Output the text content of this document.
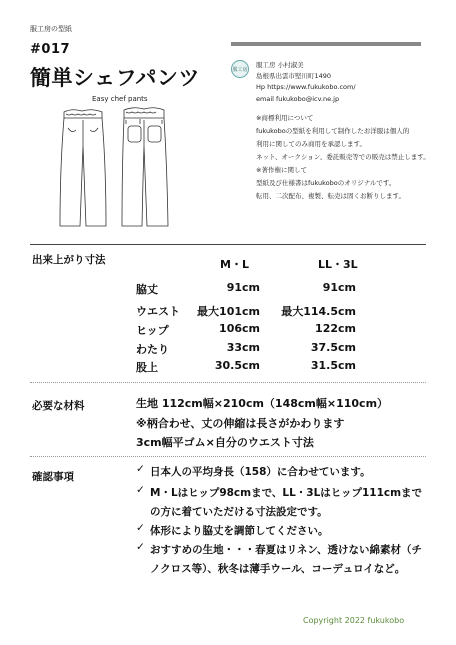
服工房の型紙
#017
簡単シェフパンツ
Easy chef pants
服工房
服工房 小村淑美
島根県出雲市堅川町1490
Hp https://www.fukukobo.com/
email fukukobo@icv.ne.jp
※商標利用について
fukukoboの型紙を利用して制作したお洋服は個人的
利用に関してのみ商用を承認します。
ネット、オークション、委託販売等での販売は禁止します。
※著作権に関して
型紙及び仕様書はfukukoboのオリジナルです。
転用、二次配布、複製、転売は固くお断りします。
出来上がり寸法	M・L	LL・3L
脇丈	91cm	91cm
ウエスト 最大101cm 最大114.5cm
ヒップ	106cm	122cm
わたり	33cm	37.5cm
股上	30.5cm	31.5cm
必要な材料	生地 112cm幅×210cm（148cm幅×110cm）
※柄合わせ、丈の伸縮は長さがかわります
3cm幅平ゴム×自分のウエスト寸法
確認事項
✓ 日本人の平均身長（158）に合わせています。
✓ M・Lはヒップ98cmまで、LL・3Lはヒップ111cmまでの方に着ていただける寸法設定です。
✓ 体形により脇丈を調節してください。
✓ おすすめの生地・・・春夏はリネン、透けない綿素材（チノクロス等）、秋冬は薄手ウール、コーデュロイなど。
Copyright 2022 fukukobo
